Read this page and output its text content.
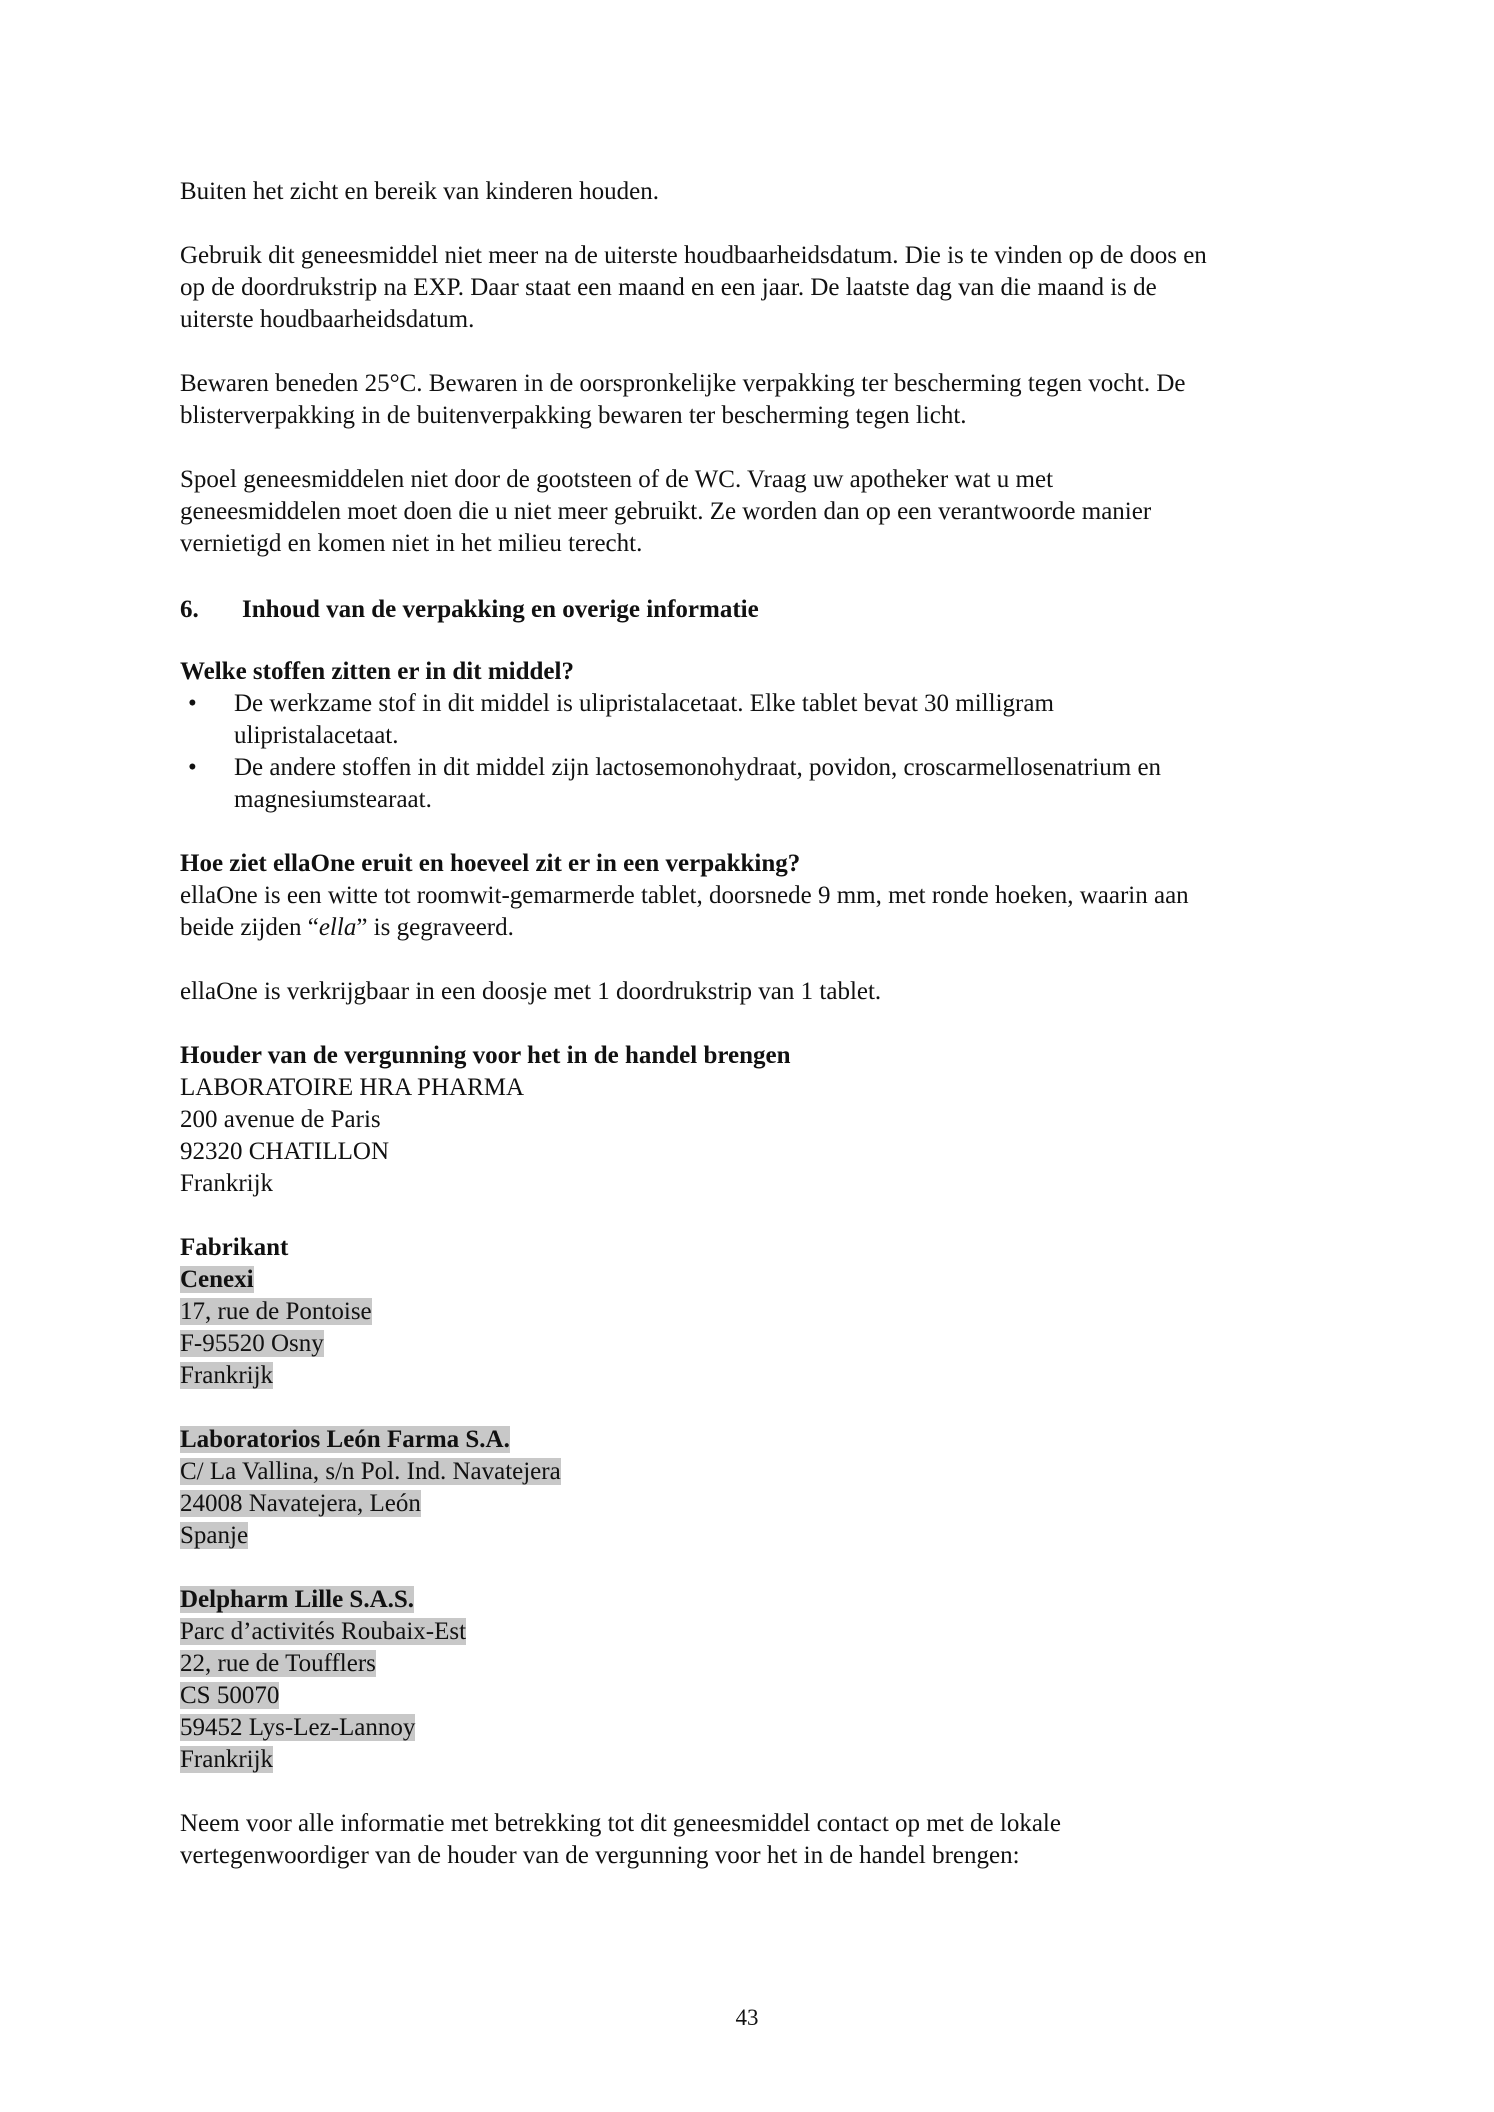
Buiten het zicht en bereik van kinderen houden.

Gebruik dit geneesmiddel niet meer na de uiterste houdbaarheidsdatum. Die is te vinden op de doos en
op de doordrukstrip na EXP. Daar staat een maand en een jaar. De laatste dag van die maand is de
uiterste houdbaarheidsdatum.

Bewaren beneden 25°C. Bewaren in de oorspronkelijke verpakking ter bescherming tegen vocht. De
blisterverpakking in de buitenverpakking bewaren ter bescherming tegen licht.

Spoel geneesmiddelen niet door de gootsteen of de WC. Vraag uw apotheker wat u met
geneesmiddelen moet doen die u niet meer gebruikt. Ze worden dan op een verantwoorde manier
vernietigd en komen niet in het milieu terecht.

6.	Inhoud van de verpakking en overige informatie

Welke stoffen zitten er in dit middel?

• De werkzame stof in dit middel is ulipristalacetaat. Elke tablet bevat 30 milligram
ulipristalacetaat.
• De andere stoffen in dit middel zijn lactosemonohydraat, povidon, croscarmellosenatrium en
magnesiumstearaat.

Hoe ziet ellaOne eruit en hoeveel zit er in een verpakking?

ellaOne is een witte tot roomwit-gemarmerde tablet, doorsnede 9 mm, met ronde hoeken, waarin aan
beide zijden “ella” is gegraveerd.

ellaOne is verkrijgbaar in een doosje met 1 doordrukstrip van 1 tablet.

Houder van de vergunning voor het in de handel brengen

LABORATOIRE HRA PHARMA
200 avenue de Paris
92320 CHATILLON
Frankrijk

Fabrikant

Cenexi
17, rue de Pontoise
F-95520 Osny
Frankrijk

Laboratorios León Farma S.A.
C/ La Vallina, s/n Pol. Ind. Navatejera
24008 Navatejera, León
Spanje

Delpharm Lille S.A.S.
Parc d’activités Roubaix-Est
22, rue de Toufflers
CS 50070
59452 Lys-Lez-Lannoy
Frankrijk

Neem voor alle informatie met betrekking tot dit geneesmiddel contact op met de lokale
vertegenwoordiger van de houder van de vergunning voor het in de handel brengen:

43
